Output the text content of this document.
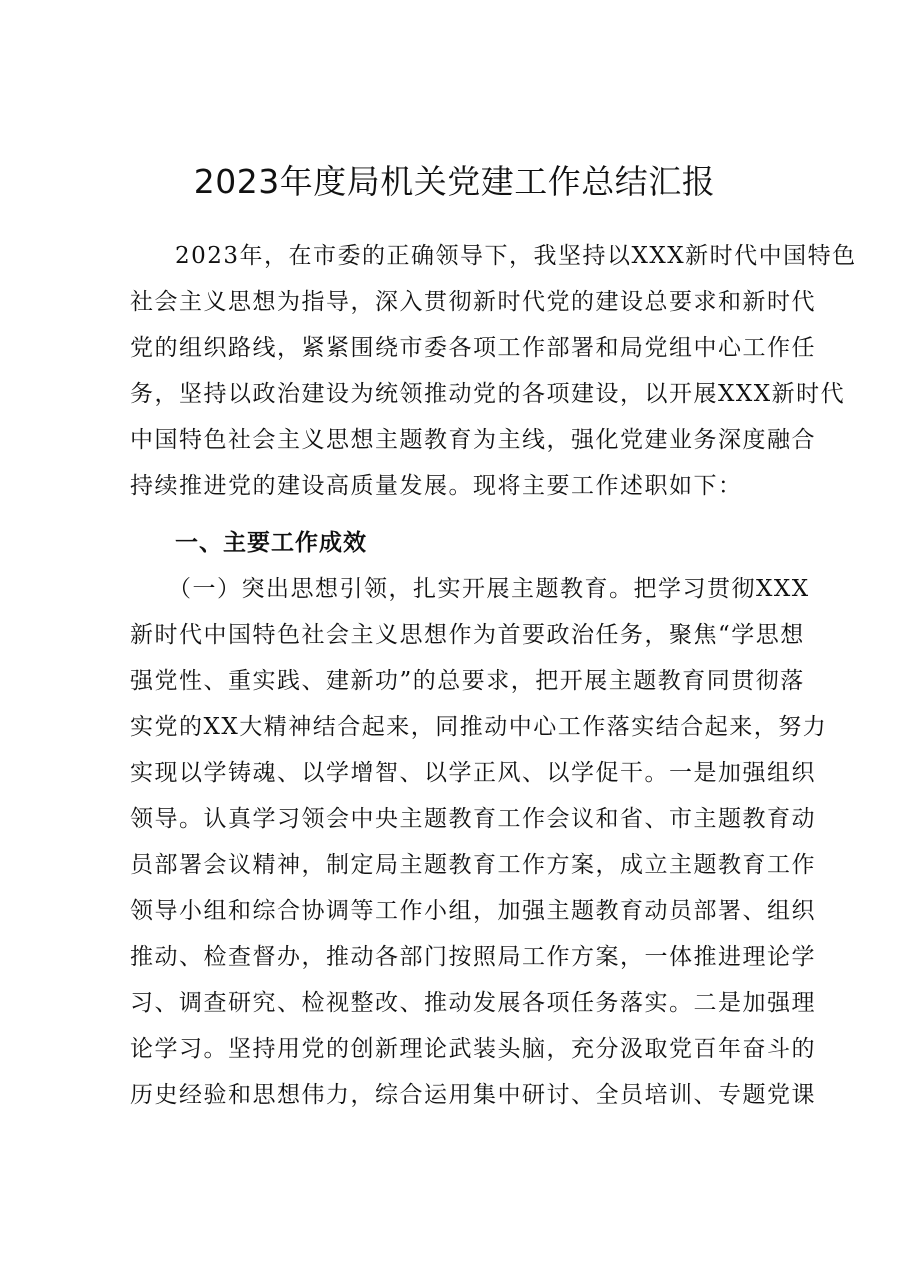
2023年度局机关党建工作总结汇报
2023年，在市委的正确领导下，我坚持以XXX新时代中国特色
社会主义思想为指导，深入贯彻新时代党的建设总要求和新时代
党的组织路线，紧紧围绕市委各项工作部署和局党组中心工作任
务，坚持以政治建设为统领推动党的各项建设，以开展XXX新时代
中国特色社会主义思想主题教育为主线，强化党建业务深度融合
持续推进党的建设高质量发展。现将主要工作述职如下：
一、主要工作成效
（一）突出思想引领，扎实开展主题教育。把学习贯彻XXX
新时代中国特色社会主义思想作为首要政治任务，聚焦“学思想
强党性、重实践、建新功”的总要求，把开展主题教育同贯彻落
实党的XX大精神结合起来，同推动中心工作落实结合起来，努力
实现以学铸魂、以学增智、以学正风、以学促干。一是加强组织
领导。认真学习领会中央主题教育工作会议和省、市主题教育动
员部署会议精神，制定局主题教育工作方案，成立主题教育工作
领导小组和综合协调等工作小组，加强主题教育动员部署、组织
推动、检查督办，推动各部门按照局工作方案，一体推进理论学
习、调查研究、检视整改、推动发展各项任务落实。二是加强理
论学习。坚持用党的创新理论武装头脑，充分汲取党百年奋斗的
历史经验和思想伟力，综合运用集中研讨、全员培训、专题党课
